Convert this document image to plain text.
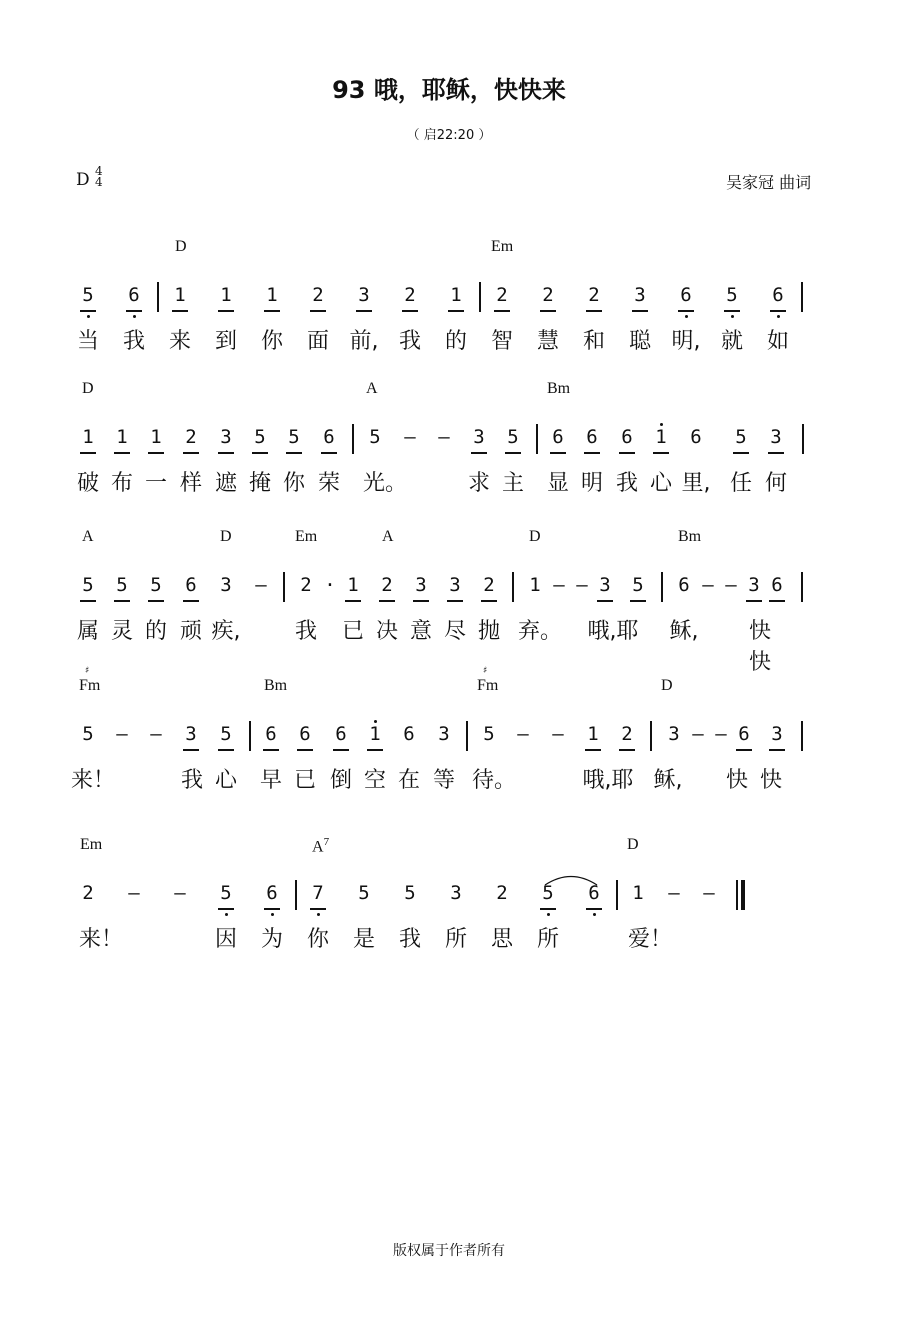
93 哦，耶稣，快快来
（ 启22:20 ）
D 4
4	吴家冠 曲词
D	Em
5 6 1 1 1 2 3 2 1 2 2 2 3 6 5 6
当 我 来 到 你 面 前, 我 的 智 慧 和 聪 明, 就 如
D	A	Bm
1 1 1 2 3 5 5 6 5 – – 3 5 6 6 6 1 6 5 3
破 布 一 样 遮 掩 你 荣 光。	求 主 显 明 我 心 里, 任 何
A	D	Em	A	D	Bm
5 5 5 6 3 – 2 · 1 2 3 3 2 1 – – 3 5 6 – – 3 6
属 灵 的 顽 疾, 我 已 决 意 尽 抛 弃。	哦,耶	稣, 快快
♯
Fm	Bm
♯
Fm	D
5 – – 3 5 6 6 6 1 6 3 5 – – 1 2 3 – – 6 3
来！	我 心 早 已 倒 空 在 等 待。	哦,耶 稣, 快 快
Em	$A^7$	D
2 – – 5 6 7 5 5 3 2 5 6 1 – –
来！	因 为 你 是 我 所 思 所	爱！
版权属于作者所有
